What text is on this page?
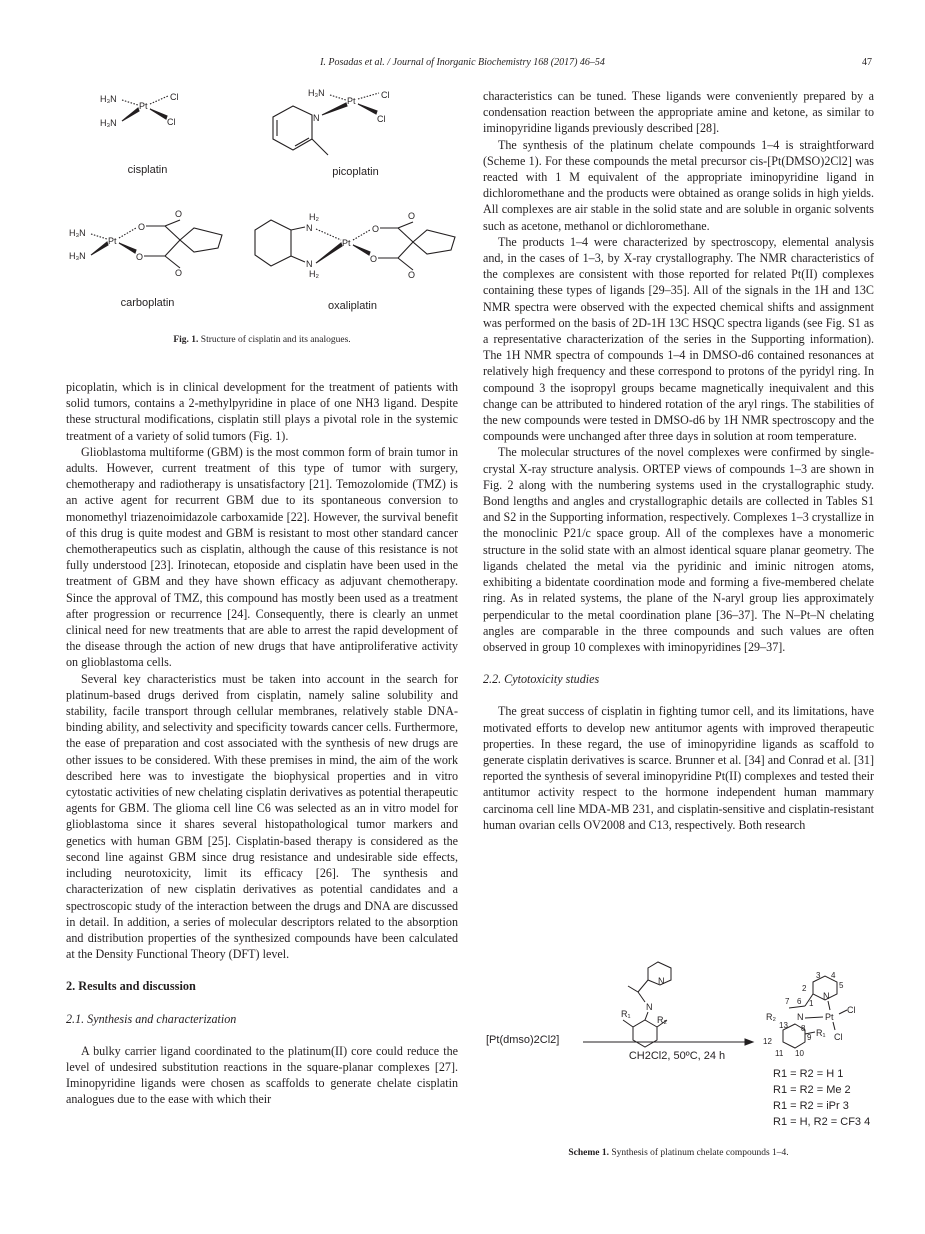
I. Posadas et al. / Journal of Inorganic Biochemistry 168 (2017) 46–54	47
H₃N
Pt
Cl
H₃N	Cl
H₃N
Pt
Cl
Cl
N
H₃N
Pt
H₃N
O
O
O
O
H₂
N
N
H₂
Pt
O
O
O
O
cisplatin	picoplatin
carboplatin	oxaliplatin
Fig. 1. Structure of cisplatin and its analogues.

picoplatin, which is in clinical development for the treatment of patients with solid tumors, contains a 2-methylpyridine in place of one NH3 ligand. Despite these structural modifications, cisplatin still plays a pivotal role in the systemic treatment of a variety of solid tumors (Fig. 1).

Glioblastoma multiforme (GBM) is the most common form of brain tumor in adults. However, current treatment of this type of tumor with surgery, chemotherapy and radiotherapy is unsatisfactory [21]. Temozolomide (TMZ) is an active agent for recurrent GBM due to its spontaneous conversion to monomethyl triazenoimidazole carboxamide [22]. However, the survival benefit of this drug is quite modest and GBM is resistant to most other standard cancer chemotherapeutics such as cisplatin, although the cause of this resistance is not fully understood [23]. Irinotecan, etoposide and cisplatin have been used in the treatment of GBM and they have shown efficacy as adjuvant chemotherapy. Since the approval of TMZ, this compound has mostly been used as a treatment after progression or recurrence [24]. Consequently, there is clearly an unmet clinical need for new treatments that are able to arrest the rapid development of the disease through the action of new drugs that have antiproliferative activity on glioblastoma cells.

Several key characteristics must be taken into account in the search for platinum-based drugs derived from cisplatin, namely saline solubility and stability, facile transport through cellular membranes, relatively stable DNA-binding ability, and selectivity and specificity towards cancer cells. Furthermore, the ease of preparation and cost associated with the synthesis of new drugs are other issues to be considered. With these premises in mind, the aim of the work described here was to investigate the biophysical properties and in vitro cytostatic activities of new chelating cisplatin derivatives as potential therapeutic agents for GBM. The glioma cell line C6 was selected as an in vitro model for glioblastoma since it shares several histopathological tumor markers and genetics with human GBM [25]. Cisplatin-based therapy is considered as the second line against GBM since drug resistance and undesirable side effects, including neurotoxicity, limit its efficacy [26]. The synthesis and characterization of new cisplatin derivatives as potential candidates and a spectroscopic study of the interaction between the drugs and DNA are discussed in detail. In addition, a series of molecular descriptors related to the absorption and distribution properties of the synthesized compounds have been calculated at the Density Functional Theory (DFT) level.

2. Results and discussion

2.1. Synthesis and characterization

A bulky carrier ligand coordinated to the platinum(II) core could reduce the level of undesired substitution reactions in the square-planar complexes [27]. Iminopyridine ligands were chosen as scaffolds to generate chelate cisplatin analogues due to the ease with which their

characteristics can be tuned. These ligands were conveniently prepared by a condensation reaction between the appropriate amine and ketone, as similar to iminopyridine ligands previously described [28].

The synthesis of the platinum chelate compounds 1–4 is straightforward (Scheme 1). For these compounds the metal precursor cis-[Pt(DMSO)2Cl2] was reacted with 1 M equivalent of the appropriate iminopyridine ligand in dichloromethane and the products were obtained as orange solids in high yields. All complexes are air stable in the solid state and are soluble in organic solvents such as acetone, methanol or dichloromethane.

The products 1–4 were characterized by spectroscopy, elemental analysis and, in the cases of 1–3, by X-ray crystallography. The NMR characteristics of the complexes are consistent with those reported for related Pt(II) complexes containing these types of ligands [29–35]. All of the signals in the 1H and 13C NMR spectra were observed with the expected chemical shifts and assignment was performed on the basis of 2D-1H 13C HSQC spectra ligands (see Fig. S1 as a representative characterization of the series in the Supporting information). The 1H NMR spectra of compounds 1–4 in DMSO-d6 contained resonances at relatively high frequency and these correspond to protons of the pyridyl ring. In compound 3 the isopropyl groups became magnetically inequivalent and this change can be attributed to hindered rotation of the aryl rings. The stabilities of the new compounds were tested in DMSO-d6 by 1H NMR spectroscopy and the compounds were unchanged after three days in solution at room temperature.

The molecular structures of the novel complexes were confirmed by single-crystal X-ray structure analysis. ORTEP views of compounds 1–3 are shown in Fig. 2 along with the numbering systems used in the crystallographic study. Bond lengths and angles and crystallographic details are collected in Tables S1 and S2 in the Supporting information, respectively. Complexes 1–3 crystallize in the monoclinic P21/c space group. All of the complexes have a monomeric structure in the solid state with an almost identical square planar geometry. The ligands chelated the metal via the pyridinic and iminic nitrogen atoms, exhibiting a bidentate coordination mode and forming a five-membered chelate ring. As in related systems, the plane of the N-aryl group lies approximately perpendicular to the metal coordination plane [36–37]. The N–Pt–N chelating angles are comparable in the three compounds and such values are often observed in group 10 complexes with iminopyridines [29–37].

2.2. Cytotoxicity studies

The great success of cisplatin in fighting tumor cell, and its limitations, have motivated efforts to develop new antitumor agents with improved therapeutic properties. In these regard, the use of iminopyridine ligands as scaffold to generate cisplatin derivatives is scarce. Brunner et al. [34] and Conrad et al. [31] reported the synthesis of several iminopyridine Pt(II) complexes and tested their antitumor activity respect to the hormone independent human mammary carcinoma cell line MDA-MB 231, and cisplatin-sensitive and cisplatin-resistant human ovarian cells OV2008 and C13, respectively. Both research

N
N
R₁
R₂
3 4
5
2
N
1
6
7
N Pt
Cl
Cl
R₂
13 8
9 R₁
12
11 10
[Pt(dmso)2Cl2]
CH2Cl2, 50ºC, 24 h
R1 = R2 = H 1
R1 = R2 = Me 2
R1 = R2 = iPr 3
R1 = H, R2 = CF3 4
Scheme 1. Synthesis of platinum chelate compounds 1–4.
